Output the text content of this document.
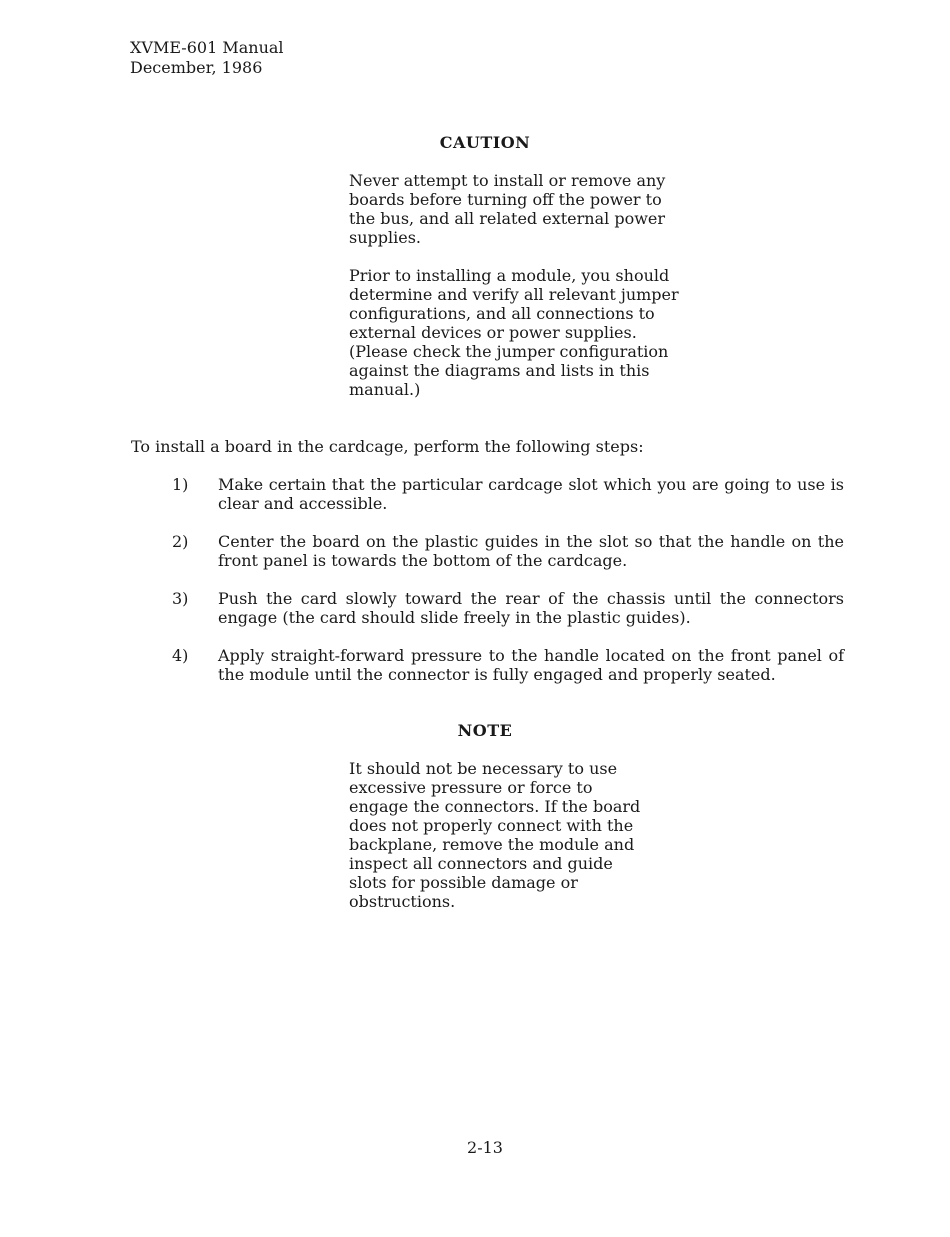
XVME-601 Manual
December, 1986
CAUTION

Never attempt to install or remove any
boards before turning off the power to
the bus, and all related external power
supplies.

Prior to installing a module, you should
determine and verify all relevant jumper
configurations, and all connections to
external devices or power supplies.
(Please check the jumper configuration
against the diagrams and lists in this
manual.)

To install a board in the cardcage, perform the following steps:
1)	Make certain that the particular cardcage slot which you are going to use is clear and accessible.
2)	Center the board on the plastic guides in the slot so that the handle on the front panel is towards the bottom of the cardcage.
3)	Push the card slowly toward the rear of the chassis until the connectors engage (the card should slide freely in the plastic guides).
4)	Apply straight-forward pressure to the handle located on the front panel of the module until the connector is fully engaged and properly seated.
NOTE

It should not be necessary to use
excessive pressure or force to
engage the connectors. If the board
does not properly connect with the
backplane, remove the module and
inspect all connectors and guide
slots for possible damage or
obstructions.

2-13
